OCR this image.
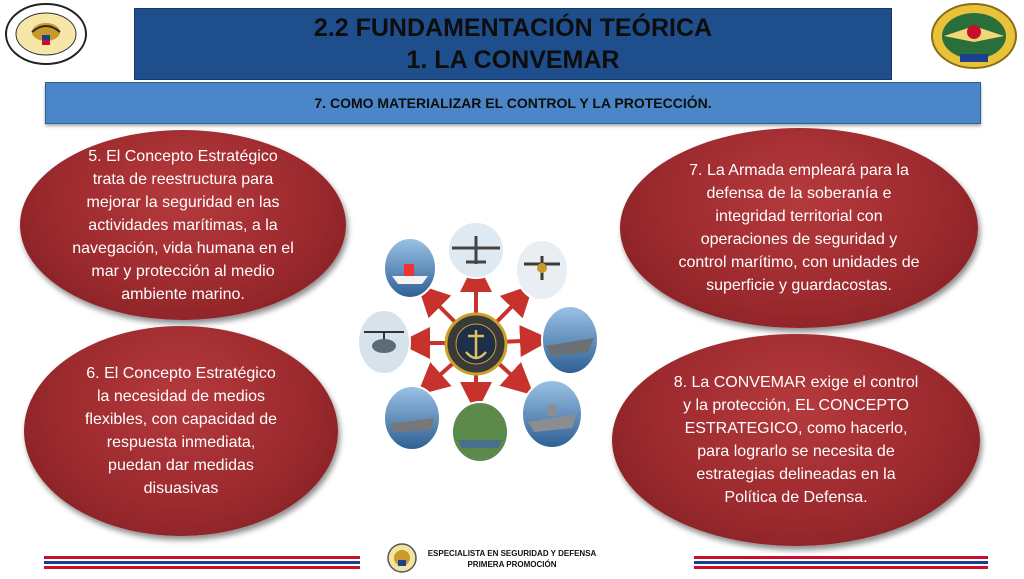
2.2 FUNDAMENTACIÓN TEÓRICA
1. LA CONVEMAR
7. COMO MATERIALIZAR EL CONTROL Y LA PROTECCIÓN.
5. El Concepto Estratégico trata de reestructura para mejorar la seguridad en las actividades marítimas, a la navegación, vida humana en el mar y protección al medio ambiente marino.
6. El Concepto Estratégico la necesidad de medios flexibles, con capacidad de respuesta inmediata, puedan dar medidas disuasivas
7. La Armada empleará para la defensa de la soberanía e integridad territorial con operaciones de seguridad y control marítimo, con unidades de superficie y guardacostas.
8. La CONVEMAR exige el control y la protección, EL CONCEPTO ESTRATEGICO, como hacerlo, para lograrlo se necesita de estrategias delineadas en la Política de Defensa.
ESPECIALISTA EN SEGURIDAD Y DEFENSA
PRIMERA PROMOCIÓN
